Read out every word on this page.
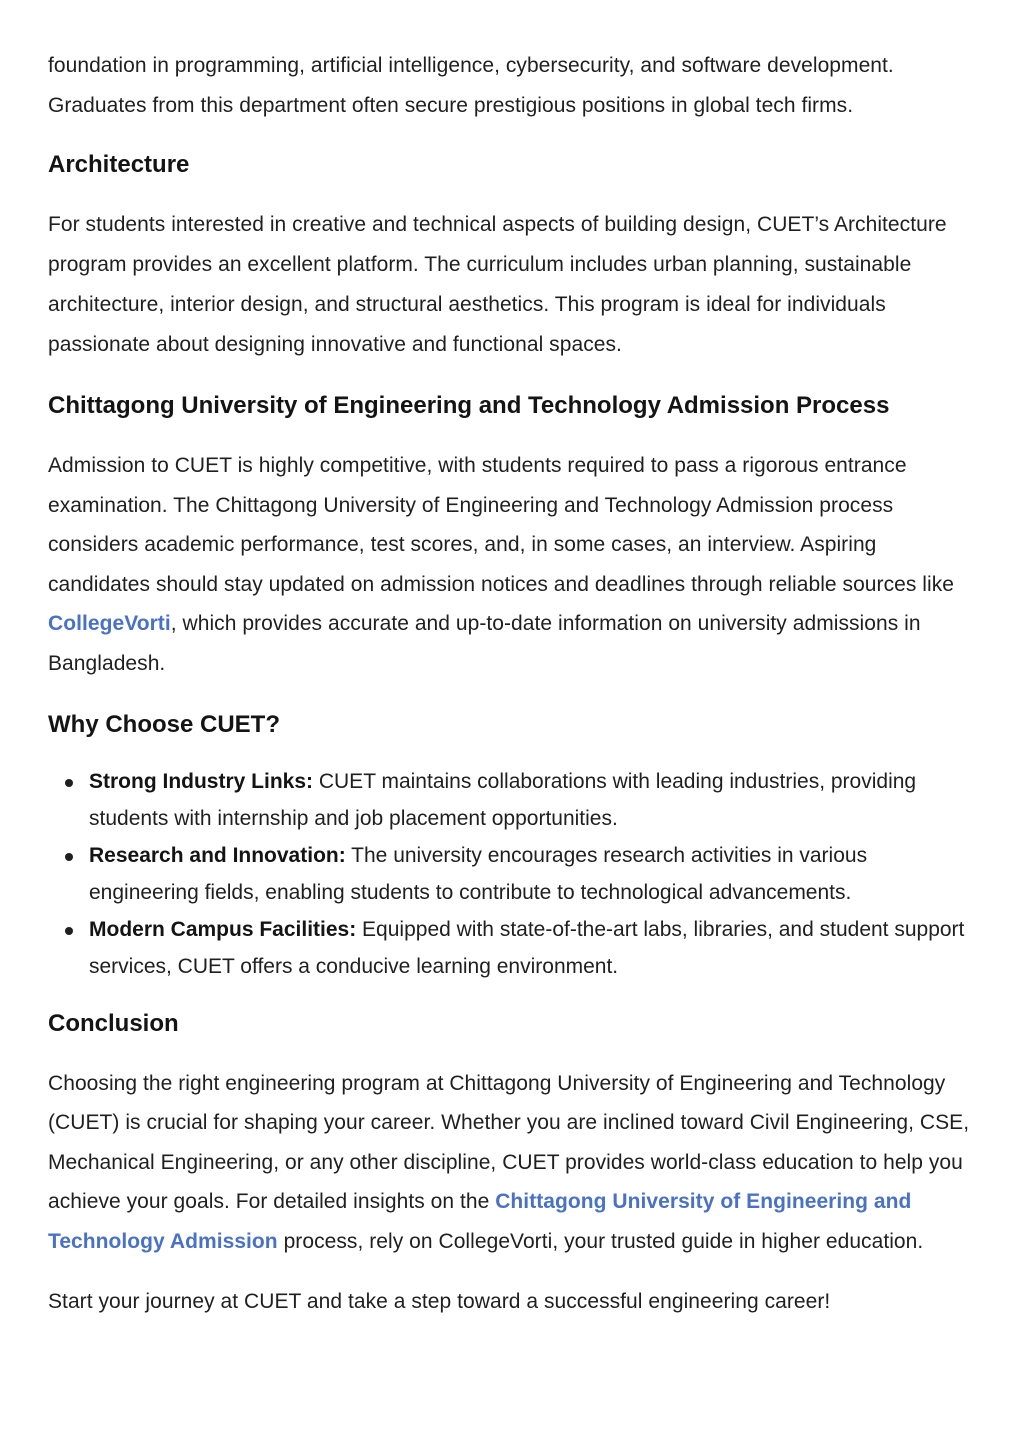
foundation in programming, artificial intelligence, cybersecurity, and software development.
Graduates from this department often secure prestigious positions in global tech firms.

Architecture

For students interested in creative and technical aspects of building design, CUET’s Architecture program provides an excellent platform. The curriculum includes urban planning, sustainable architecture, interior design, and structural aesthetics. This program is ideal for individuals passionate about designing innovative and functional spaces.

Chittagong University of Engineering and Technology Admission Process

Admission to CUET is highly competitive, with students required to pass a rigorous entrance examination. The Chittagong University of Engineering and Technology Admission process considers academic performance, test scores, and, in some cases, an interview. Aspiring candidates should stay updated on admission notices and deadlines through reliable sources like CollegeVorti, which provides accurate and up-to-date information on university admissions in Bangladesh.

Why Choose CUET?
Strong Industry Links: CUET maintains collaborations with leading industries, providing students with internship and job placement opportunities.
Research and Innovation: The university encourages research activities in various engineering fields, enabling students to contribute to technological advancements.
Modern Campus Facilities: Equipped with state-of-the-art labs, libraries, and student support services, CUET offers a conducive learning environment.
Conclusion

Choosing the right engineering program at Chittagong University of Engineering and Technology (CUET) is crucial for shaping your career. Whether you are inclined toward Civil Engineering, CSE, Mechanical Engineering, or any other discipline, CUET provides world-class education to help you achieve your goals. For detailed insights on the Chittagong University of Engineering and Technology Admission process, rely on CollegeVorti, your trusted guide in higher education.

Start your journey at CUET and take a step toward a successful engineering career!
